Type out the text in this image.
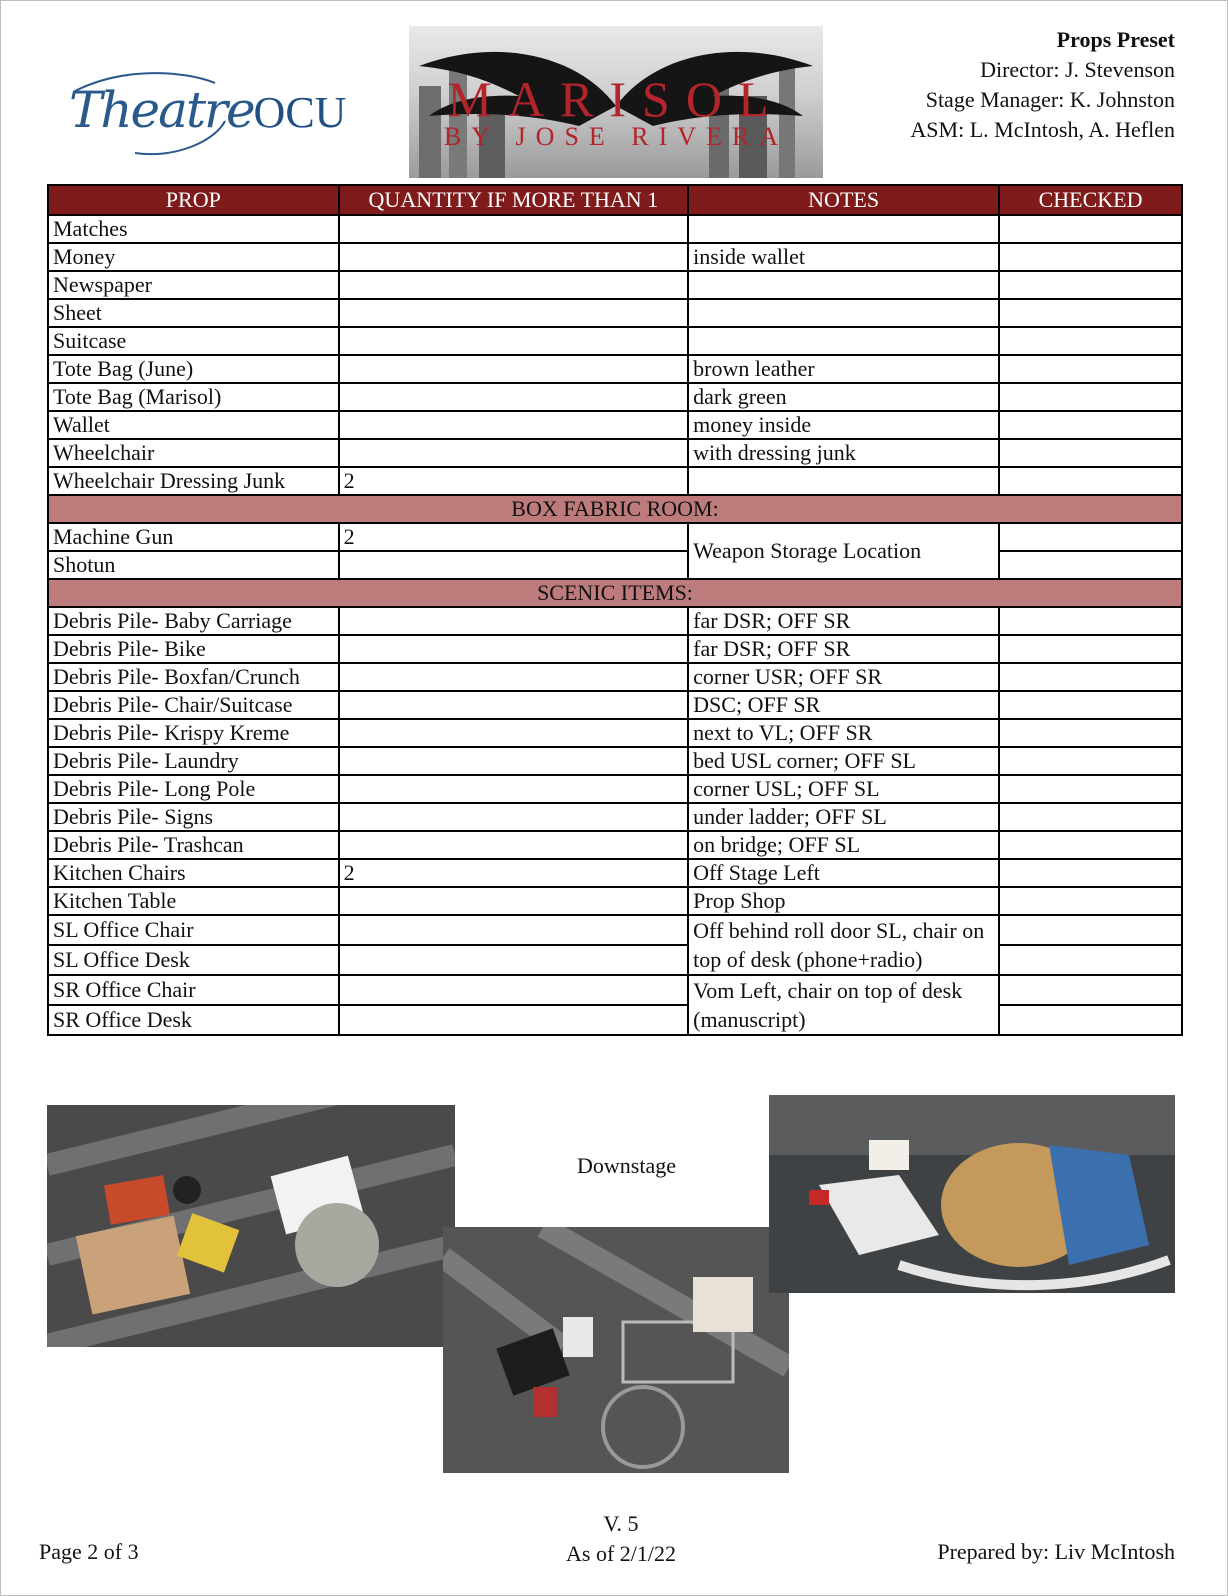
TheatreOCU	MARISOL
BY JOSE RIVERA
Props Preset
Director: J. Stevenson
Stage Manager: K. Johnston
ASM: L. McIntosh, A. Heflen
PROP	QUANTITY IF MORE THAN 1	NOTES	CHECKED
Matches			
Money		inside wallet	
Newspaper			
Sheet			
Suitcase			
Tote Bag (June)		brown leather	
Tote Bag (Marisol)		dark green	
Wallet		money inside	
Wheelchair		with dressing junk	
Wheelchair Dressing Junk	2		
BOX FABRIC ROOM:			
Machine Gun	2	Weapon Storage Location	
Shotun			
SCENIC ITEMS:			
Debris Pile- Baby Carriage		far DSR; OFF SR	
Debris Pile- Bike		far DSR; OFF SR	
Debris Pile- Boxfan/Crunch		corner USR; OFF SR	
Debris Pile- Chair/Suitcase		DSC; OFF SR	
Debris Pile- Krispy Kreme		next to VL; OFF SR	
Debris Pile- Laundry		bed USL corner; OFF SL	
Debris Pile- Long Pole		corner USL; OFF SL	
Debris Pile- Signs		under ladder; OFF SL	
Debris Pile- Trashcan		on bridge; OFF SL	
Kitchen Chairs	2	Off Stage Left	
Kitchen Table		Prop Shop	
SL Office Chair		Off behind roll door SL, chair on top of desk (phone+radio)	
SL Office Desk			
SR Office Chair		Vom Left, chair on top of desk (manuscript)	
SR Office Desk			
Downstage
Page 2 of 3
V. 5
As of 2/1/22	Prepared by: Liv McIntosh
